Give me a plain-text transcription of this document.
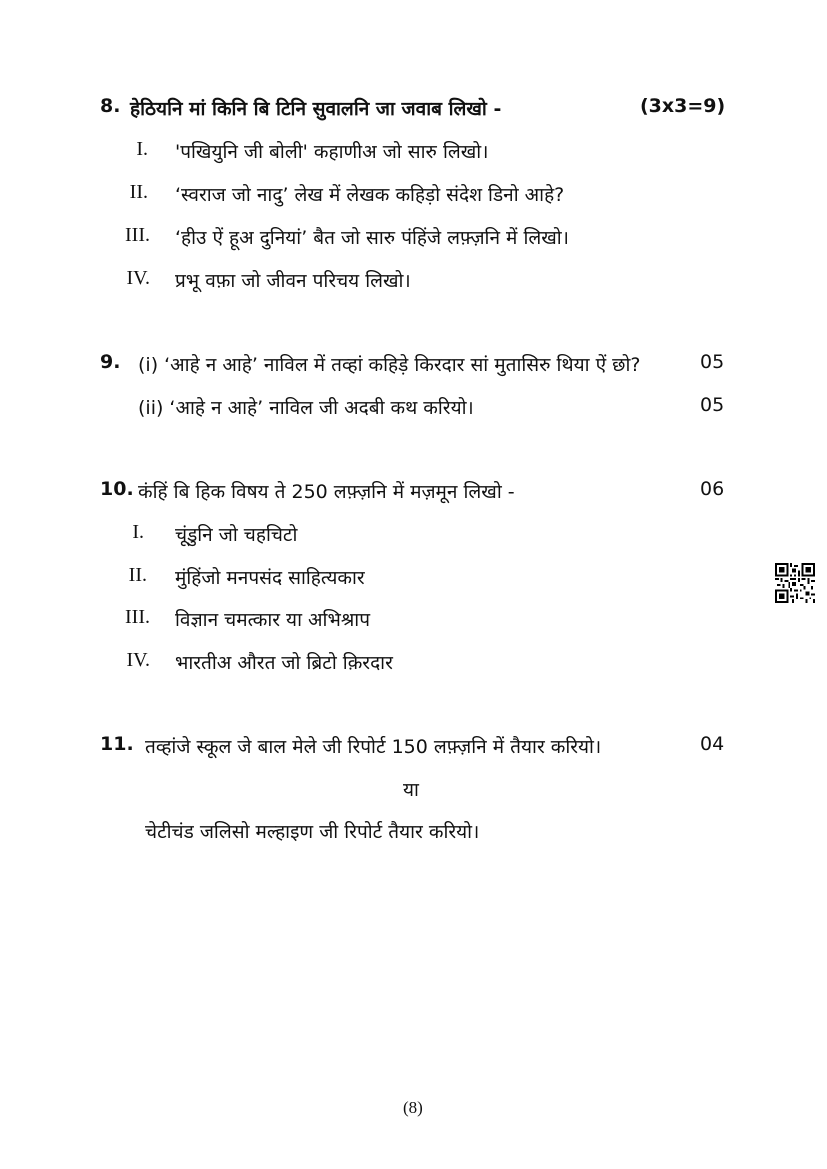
8. हेठियनि मां किनि बि टिनि सुवालनि जा जवाब लिखो -	(3x3=9)
I. 'पखियुनि जी बोली' कहाणीअ जो सारु लिखो।
II. ‘स्वराज जो नादु’ लेख में लेखक कहिड़ो संदेश डिनो आहे?
III. ‘हीउ ऐं हूअ दुनियां’ बैत जो सारु पंहिंजे लफ़्ज़नि में लिखो।
IV. प्रभू वफ़ा जो जीवन परिचय लिखो।
9. (i) ‘आहे न आहे’ नाविल में तव्हां कहिड़े किरदार सां मुतासिरु थिया ऐं छो?	05
(ii) ‘आहे न आहे’ नाविल जी अदबी कथ करियो।	05
10. कंहिं बि हिक विषय ते 250 लफ़्ज़नि में मज़मून लिखो -	06
I. चूंडुनि जो चहचिटो
II. मुंहिंजो मनपसंद साहित्यकार
III. विज्ञान चमत्कार या अभिश्राप
IV. भारतीअ औरत जो ब्रिटो क़िरदार
11. तव्हांजे स्कूल जे बाल मेले जी रिपोर्ट 150 लफ़्ज़नि में तैयार करियो।	04
या
चेटीचंड जलिसो मल्हाइण जी रिपोर्ट तैयार करियो।
(8)
